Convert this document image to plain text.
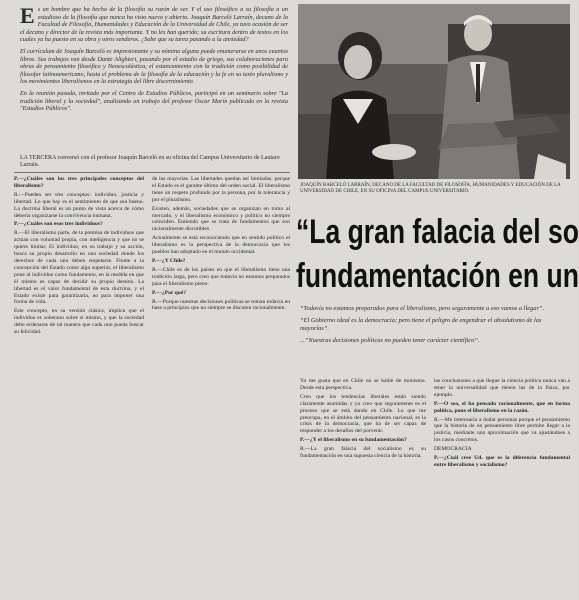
E s un hombre que ha hecho de la filosofía su razón de ser. Y el uso filosófico a su filosofía a un estudioso de la filosofía que nunca ha visto nuevo y abierto. Joaquín Barceló Larraín, decano de la Facultad de Filosofía, Humanidades y Educación de la Universidad de Chile, ya tuvo ocasión de ser el decano y director de la revista más importante. Y no les han querido; su escritura dentro de textos en los cuales ya ha puesto en su obra y otros senderos. ¿Sabe que su tarea pasando a la ansiedad?

El currículum de Joaquín Barceló es impresionante y su nómina alguna puede enumerarse en unos cuantos libros. Sus trabajos van desde Dante Alighieri, pasando por el estudio de griego, sus colaboraciones para obras de pensamiento filosófico y Neoescolástica, el estancamiento con la tradición como posibilidad de filosofar latinoamericano, hasta el problema de la filosofía de la educación y la fe en su texto pluralismo y los movimientos liberalismos en la estrategia del libre discernimiento.

En la reunión pasada, invitado por el Centro de Estudios Públicos, participó en un seminario sobre "La tradición liberal y la sociedad", analizando un trabajo del profesor Óscar Marín publicado en la revista "Estudios Públicos".

LA TERCERA conversó con el profesor Joaquín Barceló en su oficina del Campus Universitario de Lautaro Larraín.
JOAQUÍN BARCELÓ LARRAÍN, DECANO DE LA FACULTAD DE FILOSOFÍA, HUMANIDADES Y EDUCACIÓN DE LA UNIVERSIDAD DE CHILE, EN SU OFICINA DEL CAMPUS UNIVERSITARIO.
“La gran falacia del so
fundamentación en un

“Todavía no estamos preparados para el liberalismo, pero seguramente a eso vamos a llegar”.

“El Gobierno ideal es la democracia; pero tiene el peligro de engendrar el absolutismo de las mayorías”.

...”Nuestras decisiones políticas no pueden tener carácter científico”.

P.—¿Cuáles son los tres principales conceptos del liberalismo?

R.—Pueden ser tres conceptos: individuo, justicia y libertad. Lo que hay es el sentimiento de que sea bueno. La doctrina liberal es un punto de vista acerca de cómo debería organizarse la convivencia humana.

P.—¿Cuáles son esos tres individuos?

R.—El liberalismo parte, de la premisa de individuos que actúan con voluntad propia, con inteligencia y que no se quiere limitar. El individuo, en su trabajo y su acción, busca su propio desarrollo en una sociedad donde los derechos de cada uno deben respetarse. Frente a la concepción del Estado como algo superior, el liberalismo pone al individuo como fundamento, en la medida en que él mismo es capaz de decidir su propio destino. La libertad es el valor fundamental de esta doctrina, y el Estado existe para garantizarla, no para imponer una forma de vida.

Este concepto, en su versión clásica, implica que el individuo es soberano sobre sí mismo, y que la sociedad debe ordenarse de tal manera que cada uno pueda buscar su felicidad.

de las mayorías. Las libertades quedan así limitadas, porque el Estado es el garante último del orden social. El liberalismo tiene un respeto profundo por la persona, por la tolerancia y por el pluralismo.

Existen, además, sociedades que se organizan en torno al mercado, y el liberalismo económico y político no siempre coinciden. Entiendo que se trata de fundamentos que son racionalmente discutibles.

Actualmente se está reconociendo que en sentido político el liberalismo es la perspectiva de la democracia que los pueblos han adoptado en el mundo occidental.

P.—¿Y Chile?

R.—Chile es de los países en que el liberalismo tiene una tradición larga, pero creo que todavía no estamos preparados para el liberalismo pleno.

P.—¿Por qué?

R.—Porque nuestras decisiones políticas se toman todavía en base a principios que no siempre se discuten racionalmente.

Yo me gusta que en Chile no se hable de monismo. Desde esta perspectiva.

Creo que los tendencias liberales están siendo claramente asumidas y yo creo que seguramente es el proceso que se está dando en Chile. Lo que me preocupa, en el ámbito del pensamiento nacional, es la crisis de la democracia, que ha de ser capaz de responder a los desafíos del porvenir.

P.—¿Y el liberalismo en su fundamentación?

R.—La gran falacia del socialismo es su fundamentación en una supuesta ciencia de la historia.

las conclusiones a que llegue la ciencia política nunca van a tener la universalidad que tienen las de la física, por ejemplo.

P.—O sea, el ha pensado racionalmente, que en forma política, pone el liberalismo en la razón.

R.—Me interesaría a dudar personas porque el pensamiento que la historia de un pensamiento libre permite llegar a la justicia, mediante una aproximación que va ajustándose a los casos concretos.

DEMOCRACIA

P.—¿Cuál cree Ud. que es la diferencia fundamental entre liberalismo y socialismo?
